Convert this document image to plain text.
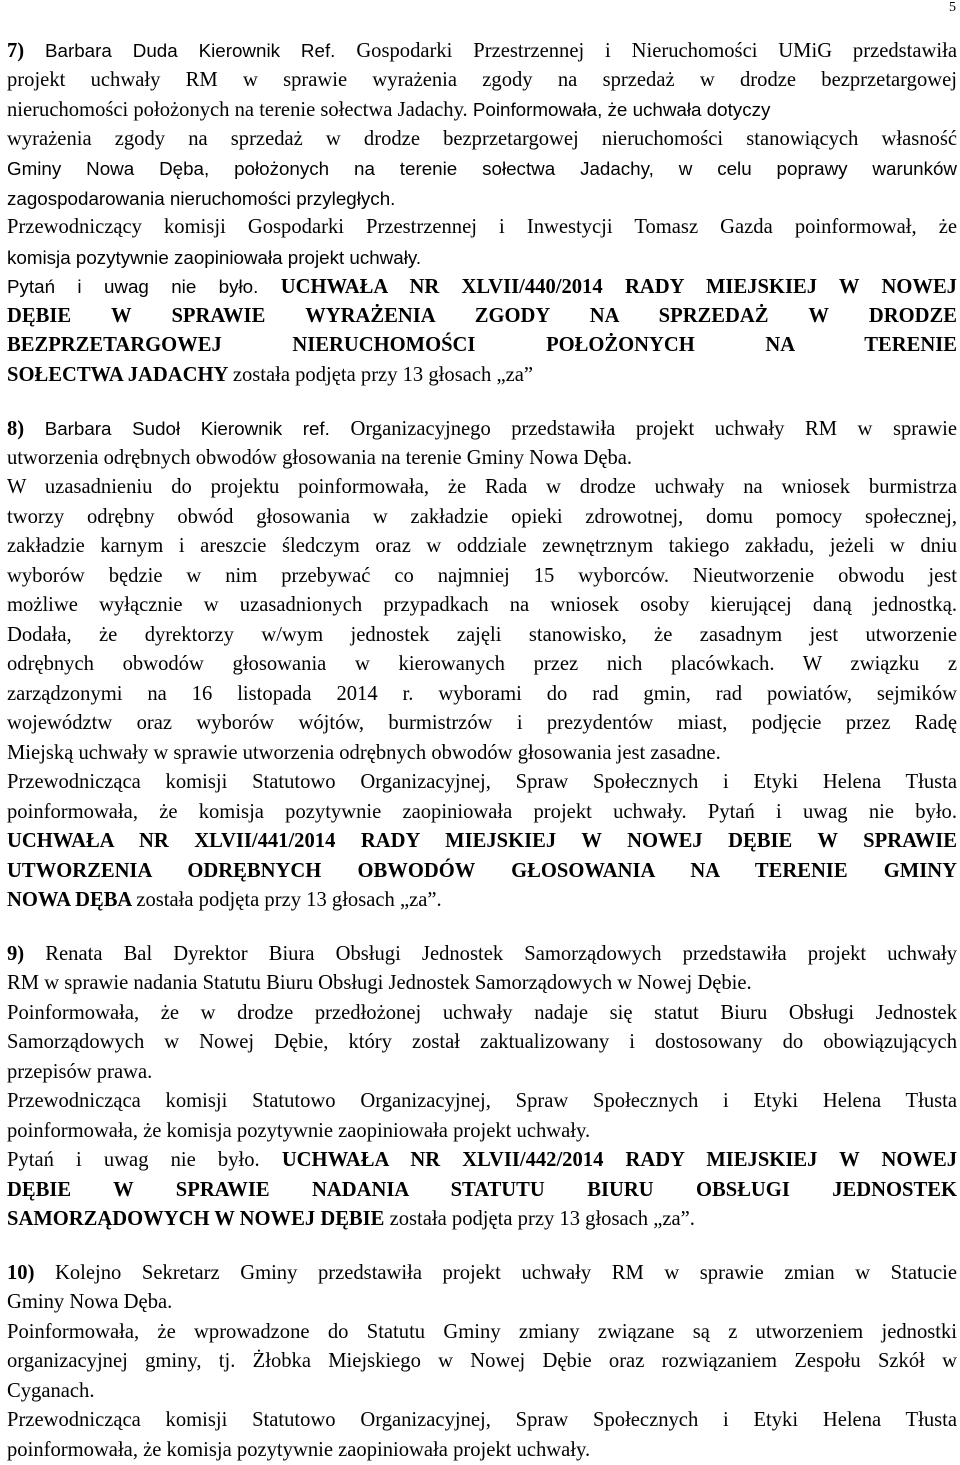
5
7) Barbara Duda Kierownik Ref. Gospodarki Przestrzennej i Nieruchomości UMiG przedstawiła
projekt uchwały RM w sprawie wyrażenia zgody na sprzedaż w drodze bezprzetargowej
nieruchomości położonych na terenie sołectwa Jadachy. Poinformowała, że uchwała dotyczy
wyrażenia zgody na sprzedaż w drodze bezprzetargowej nieruchomości stanowiących własność
Gminy Nowa Dęba, położonych na terenie sołectwa Jadachy, w celu poprawy warunków
zagospodarowania nieruchomości przyległych.
Przewodniczący komisji Gospodarki Przestrzennej i Inwestycji Tomasz Gazda poinformował, że
komisja pozytywnie zaopiniowała projekt uchwały.
Pytań i uwag nie było. UCHWAŁA NR XLVII/440/2014 RADY MIEJSKIEJ W NOWEJ
DĘBIE W SPRAWIE WYRAŻENIA ZGODY NA SPRZEDAŻ W DRODZE
BEZPRZETARGOWEJ NIERUCHOMOŚCI POŁOŻONYCH NA TERENIE
SOŁECTWA JADACHY została podjęta przy 13 głosach „za”
8) Barbara Sudoł Kierownik ref. Organizacyjnego przedstawiła projekt uchwały RM w sprawie
utworzenia odrębnych obwodów głosowania na terenie Gminy Nowa Dęba.
W uzasadnieniu do projektu poinformowała, że Rada w drodze uchwały na wniosek burmistrza
tworzy odrębny obwód głosowania w zakładzie opieki zdrowotnej, domu pomocy społecznej,
zakładzie karnym i areszcie śledczym oraz w oddziale zewnętrznym takiego zakładu, jeżeli w dniu
wyborów będzie w nim przebywać co najmniej 15 wyborców. Nieutworzenie obwodu jest
możliwe wyłącznie w uzasadnionych przypadkach na wniosek osoby kierującej daną jednostką.
Dodała, że dyrektorzy w/wym jednostek zajęli stanowisko, że zasadnym jest utworzenie
odrębnych obwodów głosowania w kierowanych przez nich placówkach. W związku z
zarządzonymi na 16 listopada 2014 r. wyborami do rad gmin, rad powiatów, sejmików
województw oraz wyborów wójtów, burmistrzów i prezydentów miast, podjęcie przez Radę
Miejską uchwały w sprawie utworzenia odrębnych obwodów głosowania jest zasadne.
Przewodnicząca komisji Statutowo Organizacyjnej, Spraw Społecznych i Etyki Helena Tłusta
poinformowała, że komisja pozytywnie zaopiniowała projekt uchwały. Pytań i uwag nie było.
UCHWAŁA NR XLVII/441/2014 RADY MIEJSKIEJ W NOWEJ DĘBIE W SPRAWIE
UTWORZENIA ODRĘBNYCH OBWODÓW GŁOSOWANIA NA TERENIE GMINY
NOWA DĘBA została podjęta przy 13 głosach „za”.
9) Renata Bal Dyrektor Biura Obsługi Jednostek Samorządowych przedstawiła projekt uchwały
RM w sprawie nadania Statutu Biuru Obsługi Jednostek Samorządowych w Nowej Dębie.
Poinformowała, że w drodze przedłożonej uchwały nadaje się statut Biuru Obsługi Jednostek
Samorządowych w Nowej Dębie, który został zaktualizowany i dostosowany do obowiązujących
przepisów prawa.
Przewodnicząca komisji Statutowo Organizacyjnej, Spraw Społecznych i Etyki Helena Tłusta
poinformowała, że komisja pozytywnie zaopiniowała projekt uchwały.
Pytań i uwag nie było. UCHWAŁA NR XLVII/442/2014 RADY MIEJSKIEJ W NOWEJ
DĘBIE W SPRAWIE NADANIA STATUTU BIURU OBSŁUGI JEDNOSTEK
SAMORZĄDOWYCH W NOWEJ DĘBIE została podjęta przy 13 głosach „za”.
10) Kolejno Sekretarz Gminy przedstawiła projekt uchwały RM w sprawie zmian w Statucie
Gminy Nowa Dęba.
Poinformowała, że wprowadzone do Statutu Gminy zmiany związane są z utworzeniem jednostki
organizacyjnej gminy, tj. Żłobka Miejskiego w Nowej Dębie oraz rozwiązaniem Zespołu Szkół w
Cyganach.
Przewodnicząca komisji Statutowo Organizacyjnej, Spraw Społecznych i Etyki Helena Tłusta
poinformowała, że komisja pozytywnie zaopiniowała projekt uchwały.
